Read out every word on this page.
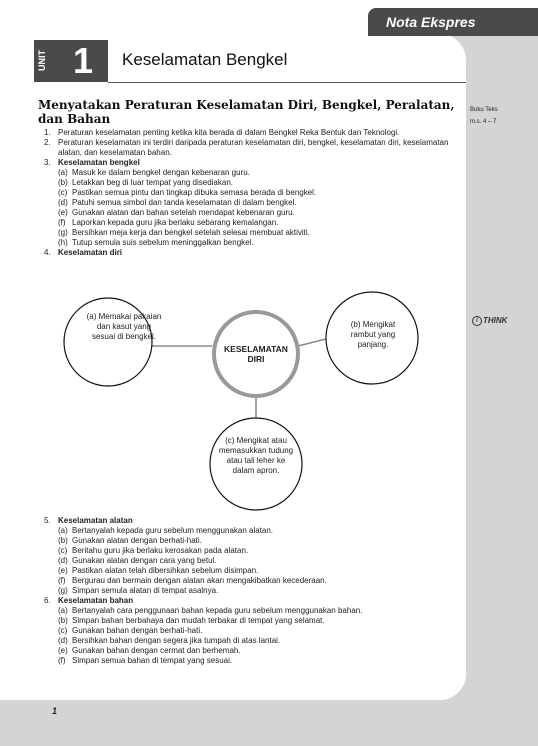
Nota Ekspres
UNIT 1	Keselamatan Bengkel
Menyatakan Peraturan Keselamatan Diri, Bengkel, Peralatan, dan Bahan
Buku Teks
m.s. 4 – 7
i THINK
1. Peraturan keselamatan penting ketika kita berada di dalam Bengkel Reka Bentuk dan Teknologi.
2. Peraturan keselamatan ini terdiri daripada peraturan keselamatan diri, bengkel, keselamatan diri, keselamatan alatan, dan keselamatan bahan.
3. Keselamatan bengkel
(a) Masuk ke dalam bengkel dengan kebenaran guru.
(b) Letakkan beg di luar tempat yang disediakan.
(c) Pastikan semua pintu dan tingkap dibuka semasa berada di bengkel.
(d) Patuhi semua simbol dan tanda keselamatan di dalam bengkel.
(e) Gunakan alatan dan bahan setelah mendapat kebenaran guru.
(f) Laporkan kepada guru jika berlaku sebarang kemalangan.
(g) Bersihkan meja kerja dan bengkel setelah selesai membuat aktiviti.
(h) Tutup semula suis sebelum meninggalkan bengkel.
4. Keselamatan diri
(a) Memakai pakaian dan kasut yang sesuai di bengkel.
KESELAMATAN DIRI
(b) Mengikat rambut yang panjang.
(c) Mengikat atau memasukkan tudung atau tali leher ke dalam apron.
5. Keselamatan alatan
(a) Bertanyalah kepada guru sebelum menggunakan alatan.
(b) Gunakan alatan dengan berhati-hati.
(c) Beritahu guru jika berlaku kerosakan pada alatan.
(d) Gunakan alatan dengan cara yang betul.
(e) Pastikan alatan telah dibersihkan sebelum disimpan.
(f) Bergurau dan bermain dengan alatan akan mengakibatkan kecederaan.
(g) Simpan semula alatan di tempat asalnya.
6. Keselamatan bahan
(a) Bertanyalah cara penggunaan bahan kepada guru sebelum menggunakan bahan.
(b) Simpan bahan berbahaya dan mudah terbakar di tempat yang selamat.
(c) Gunakan bahan dengan berhati-hati.
(d) Bersihkan bahan dengan segera jika tumpah di atas lantai.
(e) Gunakan bahan dengan cermat dan berhemah.
(f) Simpan semua bahan di tempat yang sesuai.
1
